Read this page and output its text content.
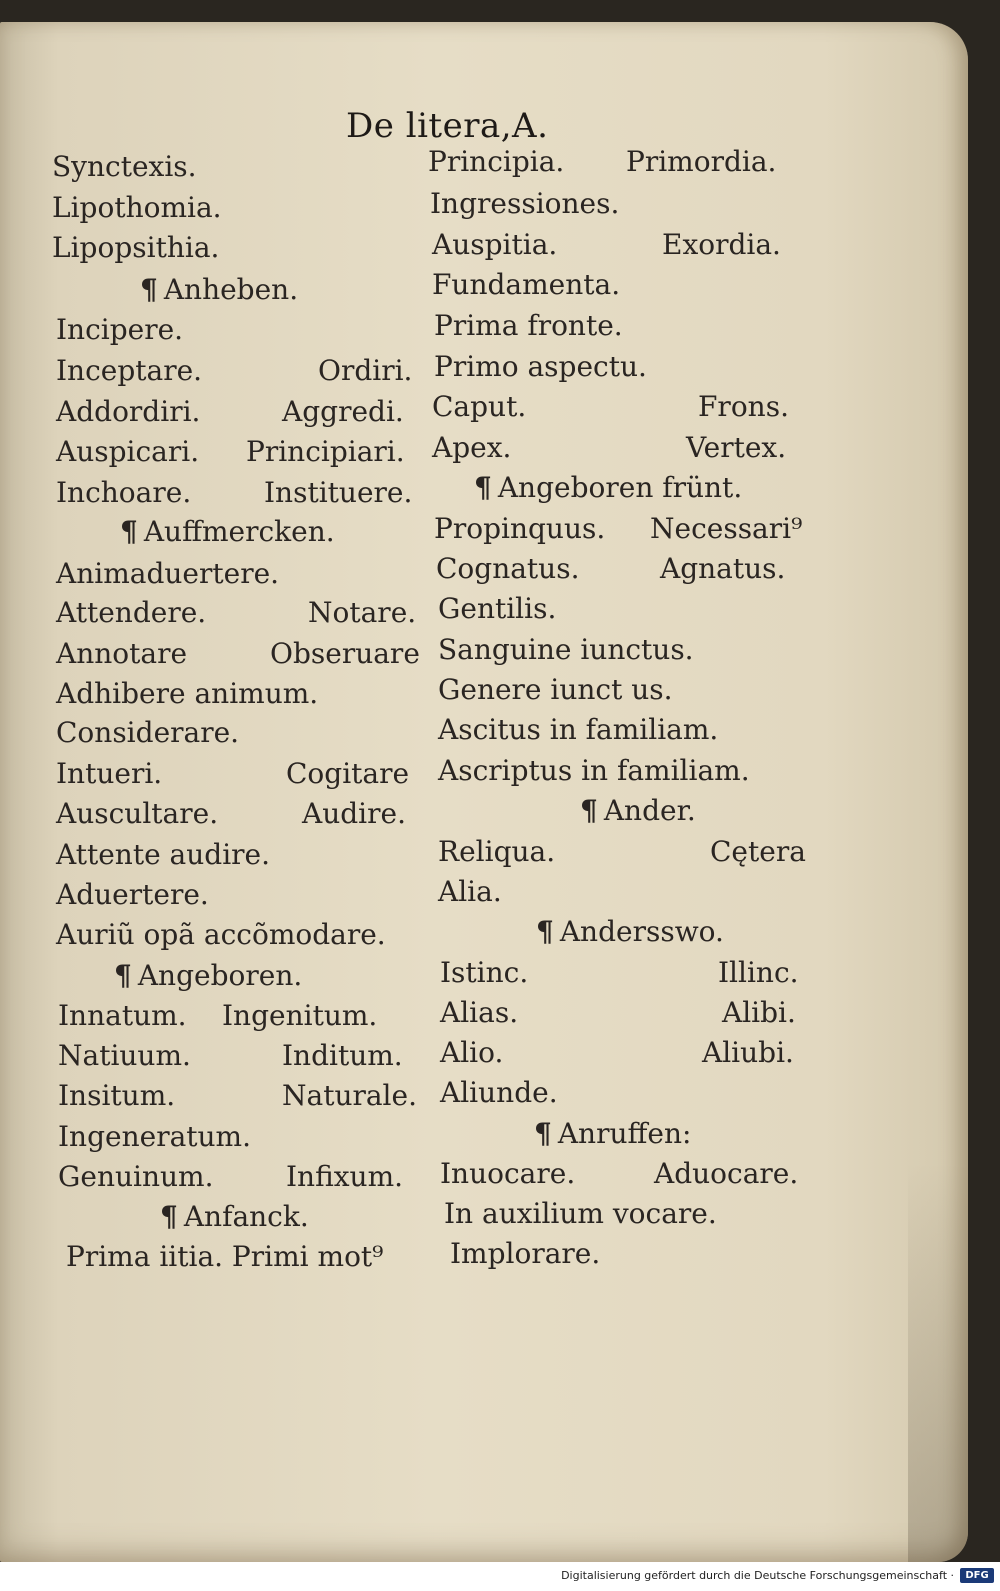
De litera,A.
Synctexis.
Lipothomia.
Lipopsithia.
¶ Anheben.
Incipere.
Inceptare.	Ordiri.
Addordiri.	Aggredi.
Auspicari. Principiari.
Inchoare.	Instituere.
¶ Auffmercken.
Animaduertere.
Attendere.	Notare.
Annotare	Obseruare
Adhibere animum.
Considerare.
Intueri.	Cogitare
Auscultare.	Audire.
Attente audire.
Aduertere.
Auriũ opã accõmodare.
¶ Angeboren.
Innatum. Ingenitum.
Natiuum.	Inditum.
Insitum.	Naturale.
Ingeneratum.
Genuinum.	Infixum.
¶ Anfanck.
Prima iitia. Primi mot⁹
Principia. Primordia.
Ingressiones.
Auspitia.	Exordia.
Fundamenta.
Prima fronte.
Primo aspectu.
Caput.	Frons.
Apex.	Vertex.
¶ Angeboren frünt.
Propinquus. Necessari⁹
Cognatus.	Agnatus.
Gentilis.
Sanguine iunctus.
Genere iunct us.
Ascitus in familiam.
Ascriptus in familiam.
¶ Ander.
Reliqua.	Cętera
Alia.
¶ Andersswo.
Istinc.	Illinc.
Alias.	Alibi.
Alio.	Aliubi.
Aliunde.
¶ Anruffen:
Inuocare.	Aduocare.
In auxilium vocare.
Implorare.
Digitalisierung gefördert durch die Deutsche Forschungsgemeinschaft ·	DFG
